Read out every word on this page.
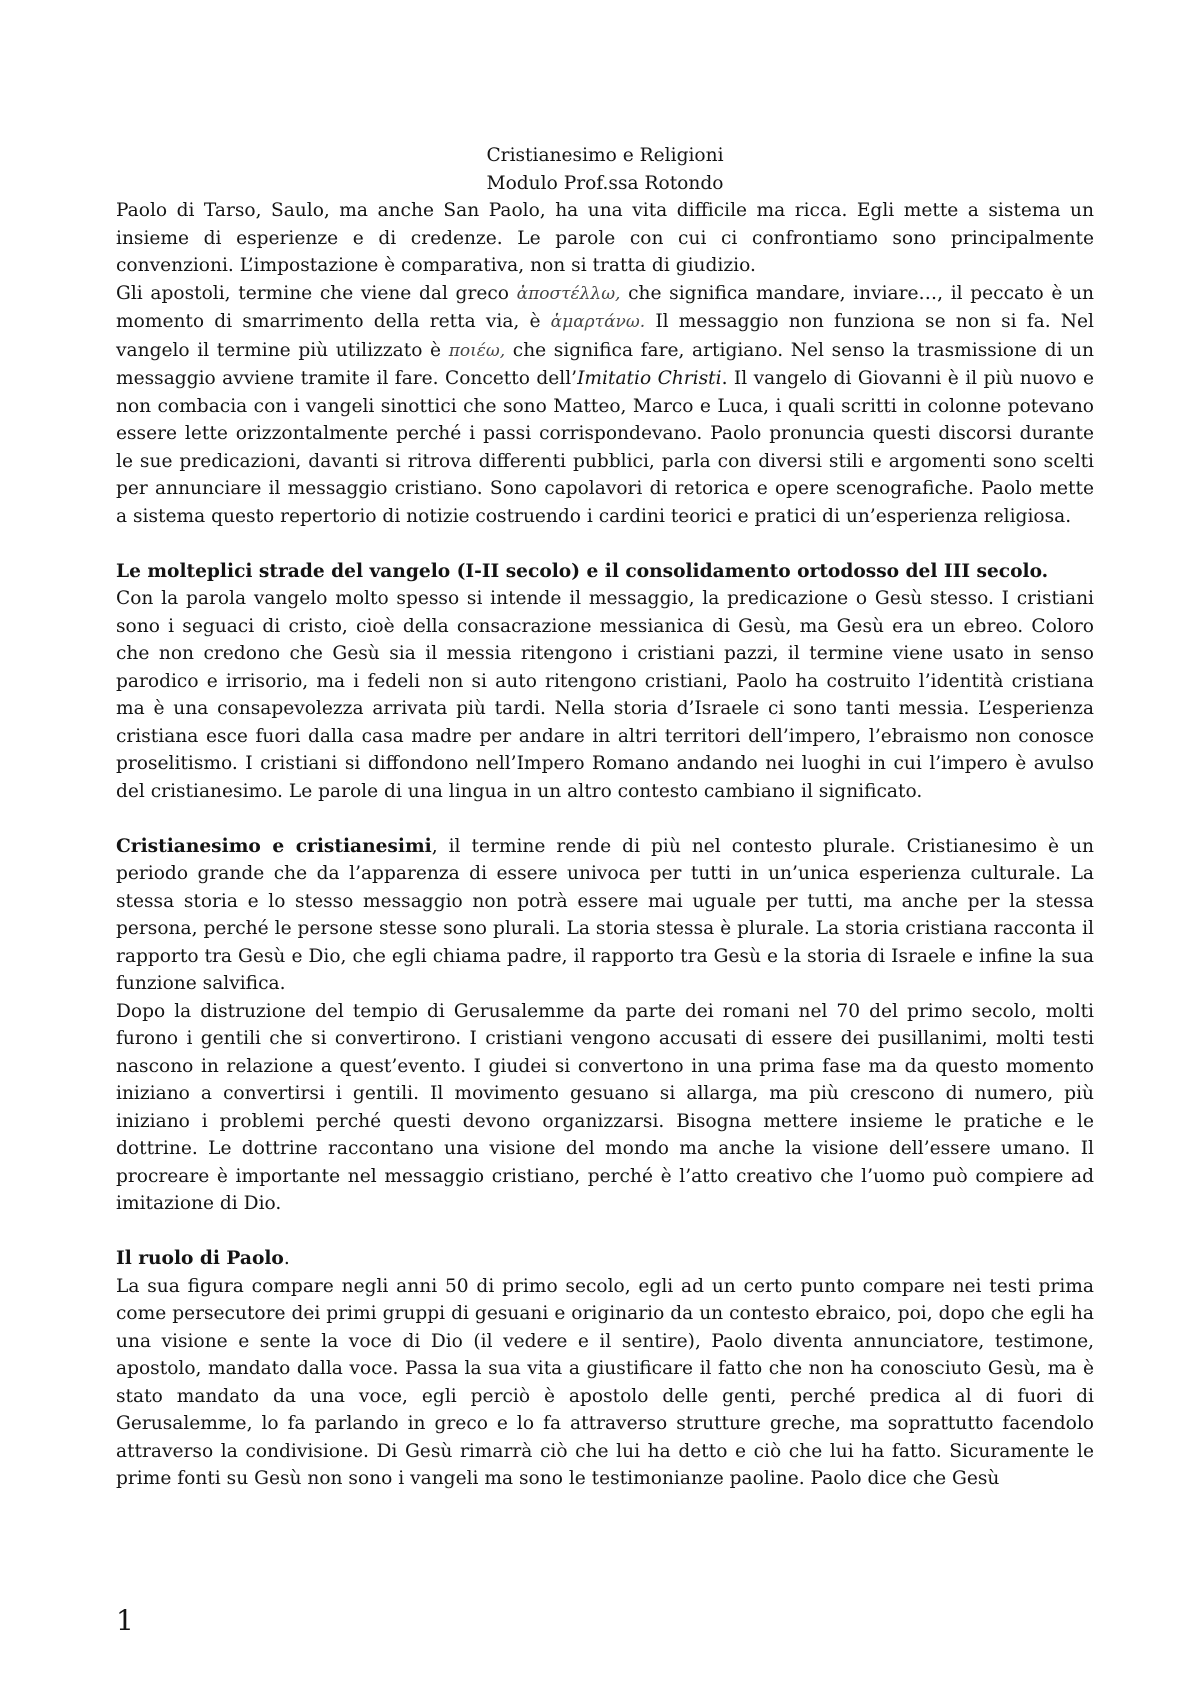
Cristianesimo e Religioni
Modulo Prof.ssa Rotondo

Paolo di Tarso, Saulo, ma anche San Paolo, ha una vita difficile ma ricca. Egli mette a sistema un insieme di esperienze e di credenze. Le parole con cui ci confrontiamo sono principalmente convenzioni. L’impostazione è comparativa, non si tratta di giudizio.

Gli apostoli, termine che viene dal greco ἀποστέλλω, che significa mandare, inviare…, il peccato è un momento di smarrimento della retta via, è ἁμαρτάνω. Il messaggio non funziona se non si fa. Nel vangelo il termine più utilizzato è ποιέω, che significa fare, artigiano. Nel senso la trasmissione di un messaggio avviene tramite il fare. Concetto dell’Imitatio Christi. Il vangelo di Giovanni è il più nuovo e non combacia con i vangeli sinottici che sono Matteo, Marco e Luca, i quali scritti in colonne potevano essere lette orizzontalmente perché i passi corrispondevano. Paolo pronuncia questi discorsi durante le sue predicazioni, davanti si ritrova differenti pubblici, parla con diversi stili e argomenti sono scelti per annunciare il messaggio cristiano. Sono capolavori di retorica e opere scenografiche. Paolo mette a sistema questo repertorio di notizie costruendo i cardini teorici e pratici di un’esperienza religiosa.

Le molteplici strade del vangelo (I-II secolo) e il consolidamento ortodosso del III secolo.

Con la parola vangelo molto spesso si intende il messaggio, la predicazione o Gesù stesso. I cristiani sono i seguaci di cristo, cioè della consacrazione messianica di Gesù, ma Gesù era un ebreo. Coloro che non credono che Gesù sia il messia ritengono i cristiani pazzi, il termine viene usato in senso parodico e irrisorio, ma i fedeli non si auto ritengono cristiani, Paolo ha costruito l’identità cristiana ma è una consapevolezza arrivata più tardi. Nella storia d’Israele ci sono tanti messia. L’esperienza cristiana esce fuori dalla casa madre per andare in altri territori dell’impero, l’ebraismo non conosce proselitismo. I cristiani si diffondono nell’Impero Romano andando nei luoghi in cui l’impero è avulso del cristianesimo. Le parole di una lingua in un altro contesto cambiano il significato.

Cristianesimo e cristianesimi, il termine rende di più nel contesto plurale. Cristianesimo è un periodo grande che da l’apparenza di essere univoca per tutti in un’unica esperienza culturale. La stessa storia e lo stesso messaggio non potrà essere mai uguale per tutti, ma anche per la stessa persona, perché le persone stesse sono plurali. La storia stessa è plurale. La storia cristiana racconta il rapporto tra Gesù e Dio, che egli chiama padre, il rapporto tra Gesù e la storia di Israele e infine la sua funzione salvifica.

Dopo la distruzione del tempio di Gerusalemme da parte dei romani nel 70 del primo secolo, molti furono i gentili che si convertirono. I cristiani vengono accusati di essere dei pusillanimi, molti testi nascono in relazione a quest’evento. I giudei si convertono in una prima fase ma da questo momento iniziano a convertirsi i gentili. Il movimento gesuano si allarga, ma più crescono di numero, più iniziano i problemi perché questi devono organizzarsi. Bisogna mettere insieme le pratiche e le dottrine. Le dottrine raccontano una visione del mondo ma anche la visione dell’essere umano. Il procreare è importante nel messaggio cristiano, perché è l’atto creativo che l’uomo può compiere ad imitazione di Dio.

Il ruolo di Paolo.

La sua figura compare negli anni 50 di primo secolo, egli ad un certo punto compare nei testi prima come persecutore dei primi gruppi di gesuani e originario da un contesto ebraico, poi, dopo che egli ha una visione e sente la voce di Dio (il vedere e il sentire), Paolo diventa annunciatore, testimone, apostolo, mandato dalla voce. Passa la sua vita a giustificare il fatto che non ha conosciuto Gesù, ma è stato mandato da una voce, egli perciò è apostolo delle genti, perché predica al di fuori di Gerusalemme, lo fa parlando in greco e lo fa attraverso strutture greche, ma soprattutto facendolo attraverso la condivisione. Di Gesù rimarrà ciò che lui ha detto e ciò che lui ha fatto. Sicuramente le prime fonti su Gesù non sono i vangeli ma sono le testimonianze paoline. Paolo dice che Gesù

1
